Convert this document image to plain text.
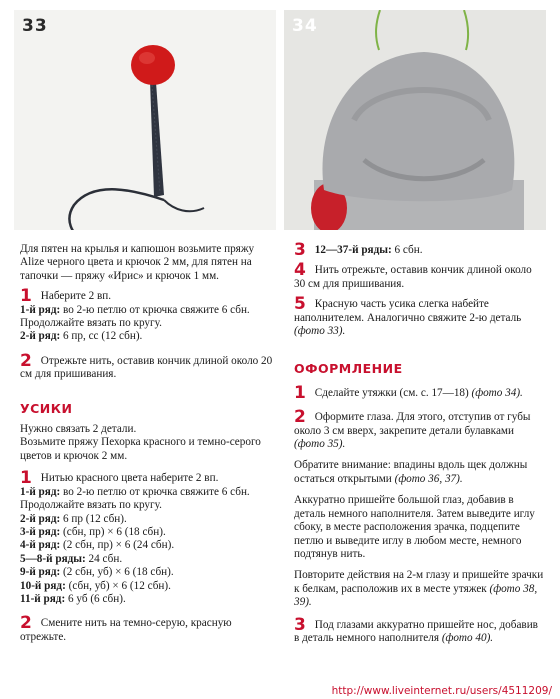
33	34

Для пятен на крылья и капюшон возьмите пряжу Alize черного цвета и крючок 2 мм, для пятен на тапочки — пряжу «Ирис» и крючок 1 мм.

1 Наберите 2 вп.
1-й ряд: во 2-ю петлю от крючка свяжите 6 сбн.
Продолжайте вязать по кругу.
2-й ряд: 6 пр, сс (12 сбн).
2 Отрежьте нить, оставив кончик длиной около 20 см для пришивания.
УСИКИ

Нужно связать 2 детали.

Возьмите пряжу Пехорка красного и темно-серого цветов и крючок 2 мм.

1 Нитью красного цвета наберите 2 вп.
1-й ряд: во 2-ю петлю от крючка свяжите 6 сбн.
Продолжайте вязать по кругу.
2-й ряд: 6 пр (12 сбн).
3-й ряд: (сбн, пр) × 6 (18 сбн).
4-й ряд: (2 сбн, пр) × 6 (24 сбн).
5—8-й ряды: 24 сбн.
9-й ряд: (2 сбн, уб) × 6 (18 сбн).
10-й ряд: (сбн, уб) × 6 (12 сбн).
11-й ряд: 6 уб (6 сбн).
2 Смените нить на темно-серую, красную отрежьте.
3 12—37-й ряды: 6 сбн.
4 Нить отрежьте, оставив кончик длиной около 30 см для пришивания.
5 Красную часть усика слегка набейте наполнителем. Аналогично свяжите 2-ю деталь (фото 33).
ОФОРМЛЕНИЕ
1 Сделайте утяжки (см. с. 17—18) (фото 34).
2 Оформите глаза. Для этого, отступив от губы около 3 см вверх, закрепите детали булавками (фото 35).

Обратите внимание: впадины вдоль щек должны остаться открытыми (фото 36, 37).

Аккуратно пришейте большой глаз, добавив в деталь немного наполнителя. Затем выведите иглу сбоку, в месте расположения зрачка, подцепите петлю и выведите иглу в любом месте, немного подтянув нить.

Повторите действия на 2-м глазу и пришейте зрачки к белкам, расположив их в месте утяжек (фото 38, 39).

3 Под глазами аккуратно пришейте нос, добавив в деталь немного наполнителя (фото 40).
http://www.liveinternet.ru/users/4511209/
